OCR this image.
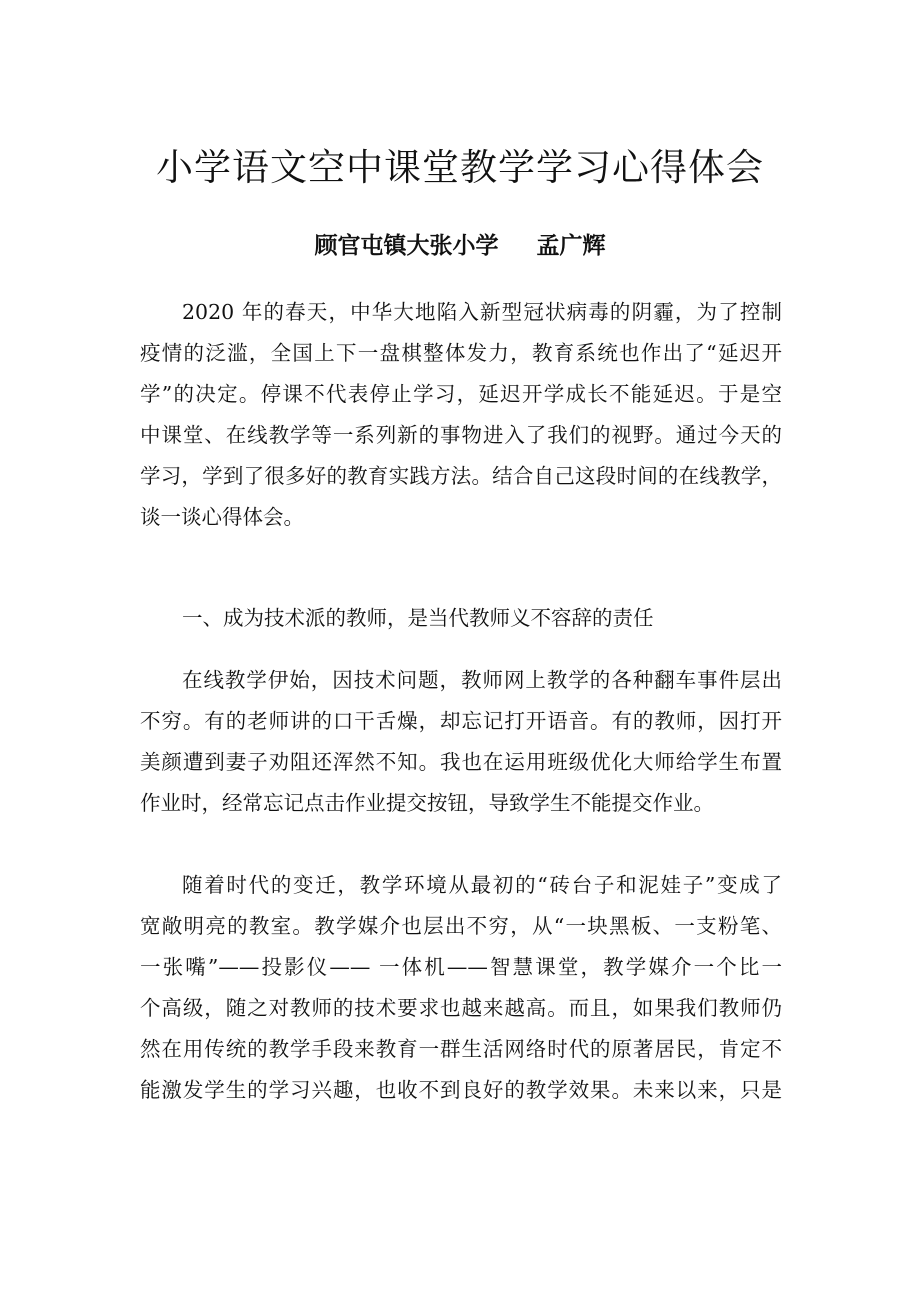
小学语文空中课堂教学学习心得体会
顾官屯镇大张小学 孟广辉

2020 年的春天，中华大地陷入新型冠状病毒的阴霾，为了控制
疫情的泛滥，全国上下一盘棋整体发力，教育系统也作出了“延迟开
学”的决定。停课不代表停止学习，延迟开学成长不能延迟。于是空
中课堂、在线教学等一系列新的事物进入了我们的视野。通过今天的
学习，学到了很多好的教育实践方法。结合自己这段时间的在线教学，
谈一谈心得体会。

一、成为技术派的教师，是当代教师义不容辞的责任

在线教学伊始，因技术问题，教师网上教学的各种翻车事件层出
不穷。有的老师讲的口干舌燥，却忘记打开语音。有的教师，因打开
美颜遭到妻子劝阻还浑然不知。我也在运用班级优化大师给学生布置
作业时，经常忘记点击作业提交按钮，导致学生不能提交作业。

随着时代的变迁，教学环境从最初的“砖台子和泥娃子”变成了
宽敞明亮的教室。教学媒介也层出不穷，从“一块黑板、一支粉笔、
一张嘴”——投影仪—— 一体机——智慧课堂，教学媒介一个比一
个高级，随之对教师的技术要求也越来越高。而且，如果我们教师仍
然在用传统的教学手段来教育一群生活网络时代的原著居民，肯定不
能激发学生的学习兴趣，也收不到良好的教学效果。未来以来，只是
